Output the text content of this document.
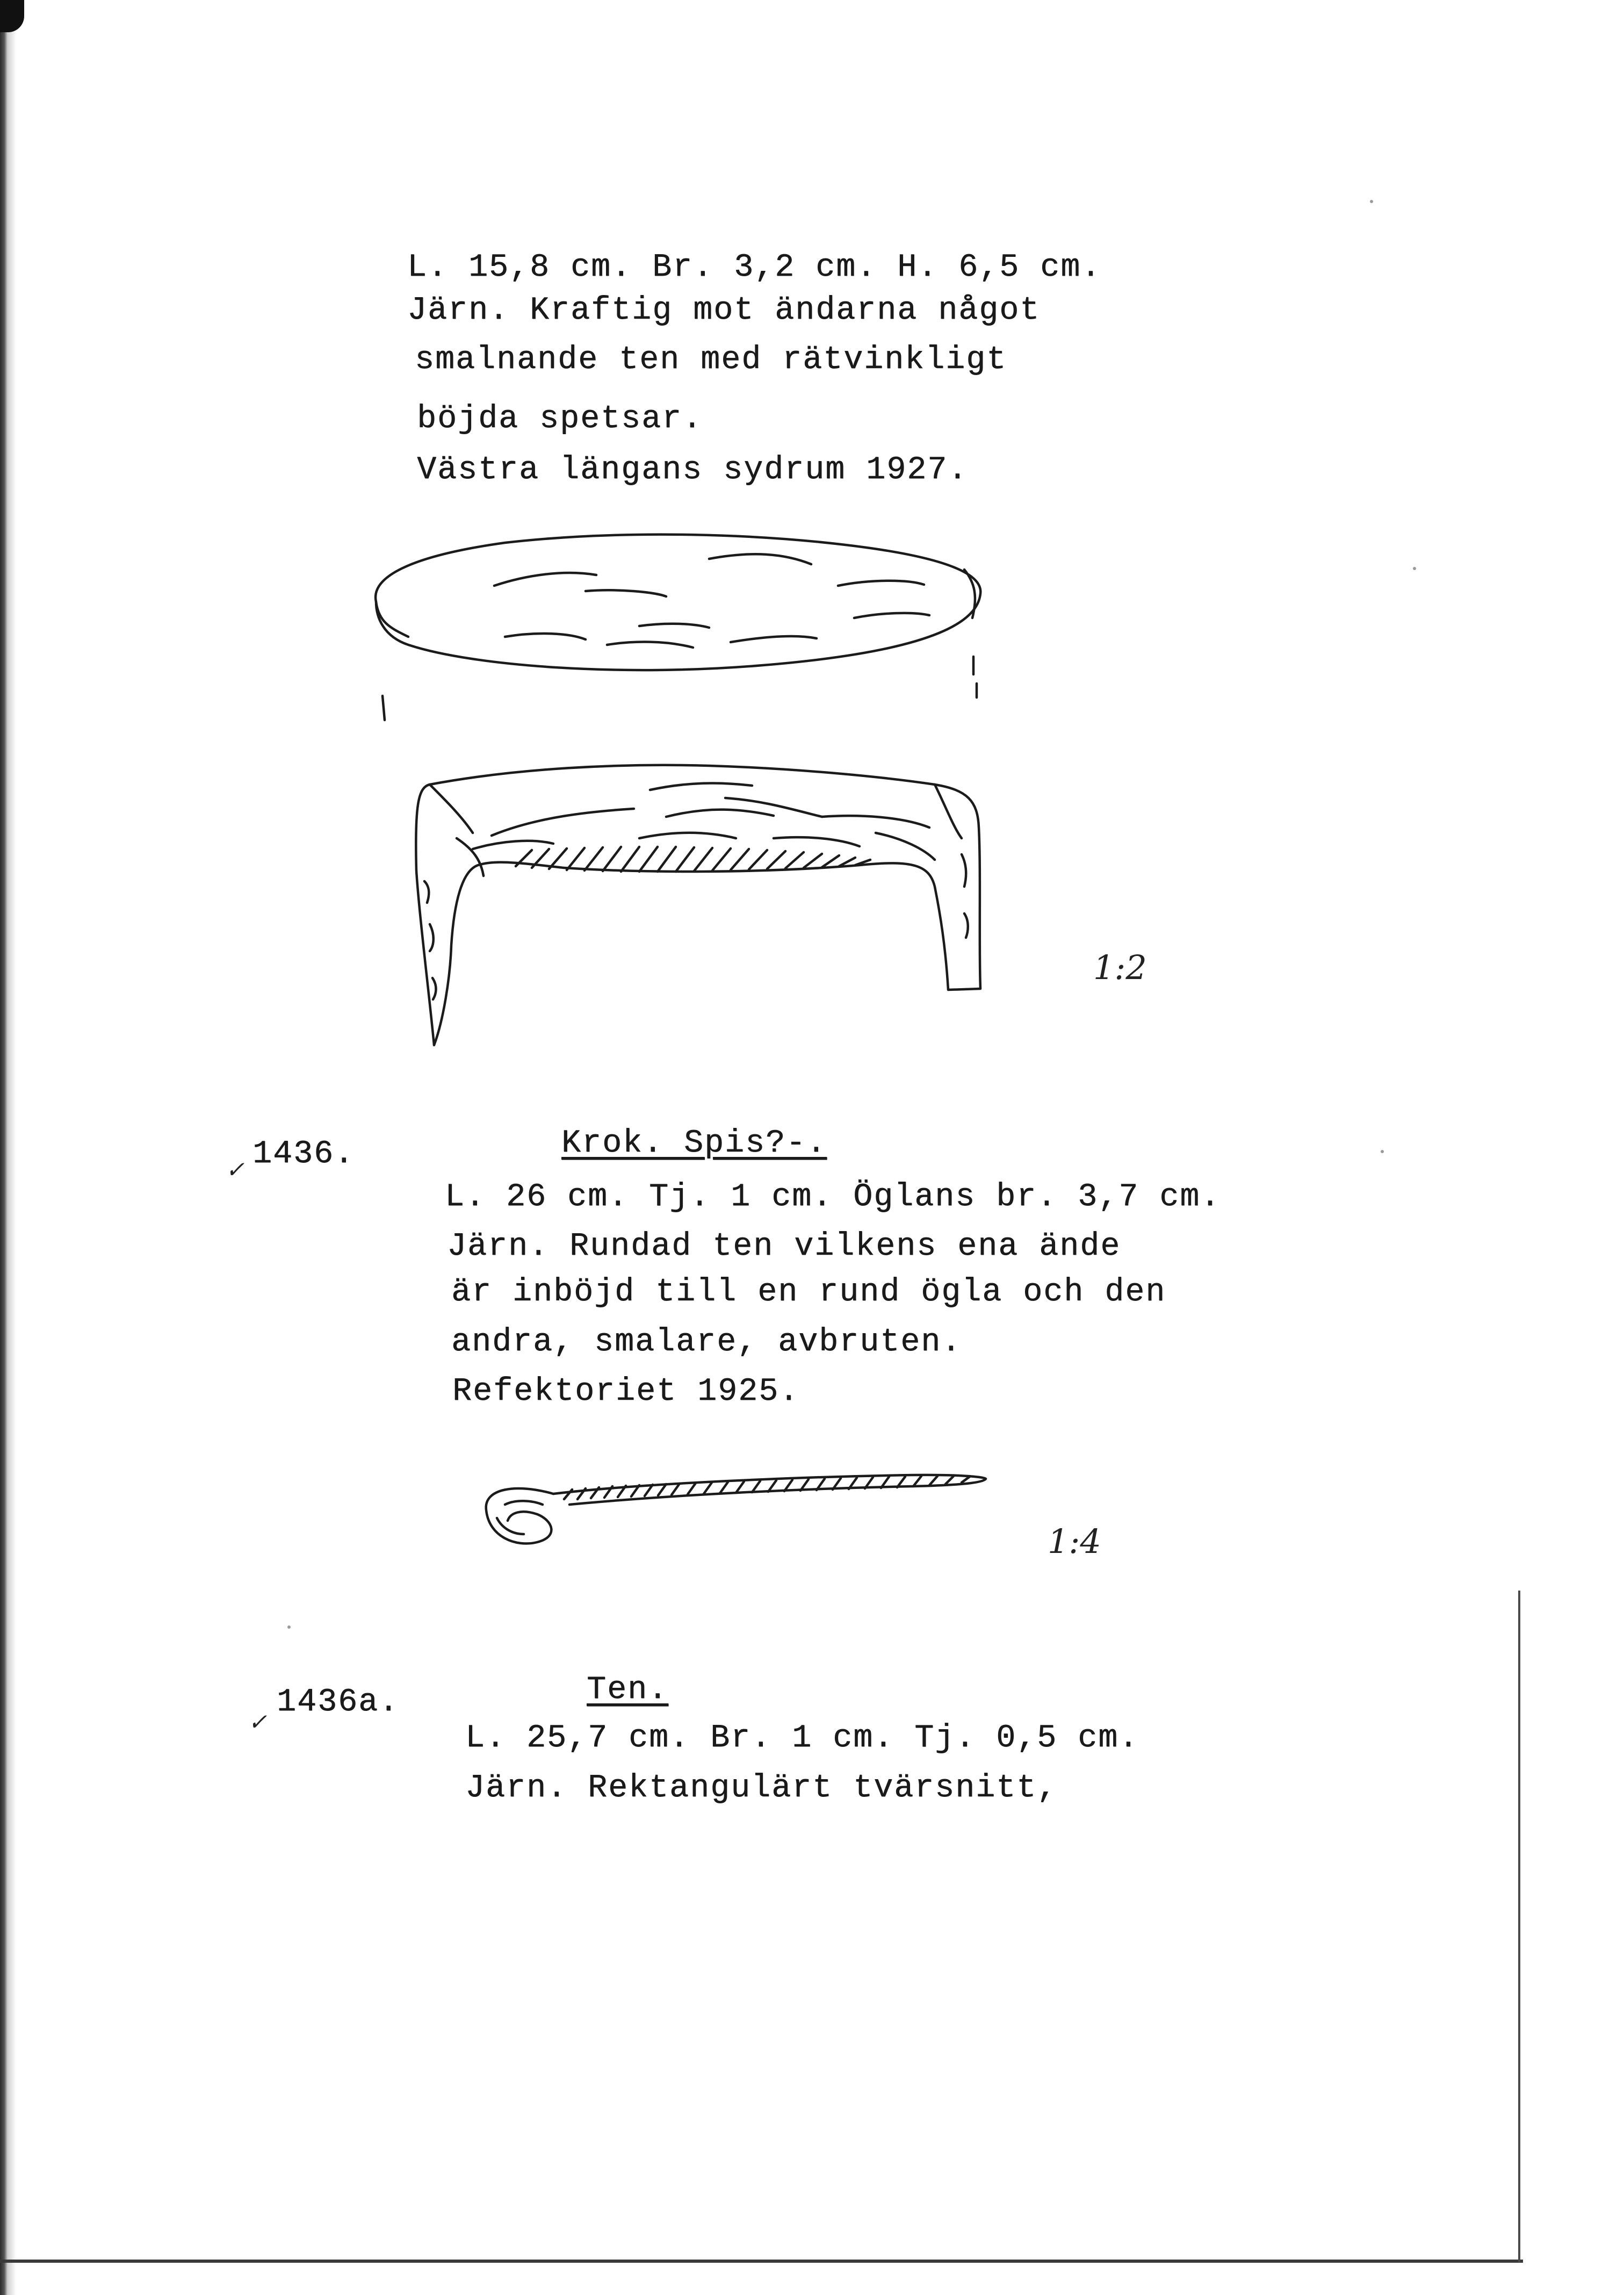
L. 15,8 cm. Br. 3,2 cm. H. 6,5 cm.

Järn. Kraftig mot ändarna något

smalnande ten med rätvinkligt

böjda spetsar.

Västra längans sydrum 1927.

1:2

✓ 1436.	Krok. Spis?-.

L. 26 cm. Tj. 1 cm. Öglans br. 3,7 cm.

Järn. Rundad ten vilkens ena ände

är inböjd till en rund ögla och den

andra, smalare, avbruten.

Refektoriet 1925.

1:4

✓

1436a.	Ten.

L. 25,7 cm. Br. 1 cm. Tj. 0,5 cm.

Järn. Rektangulärt tvärsnitt,
